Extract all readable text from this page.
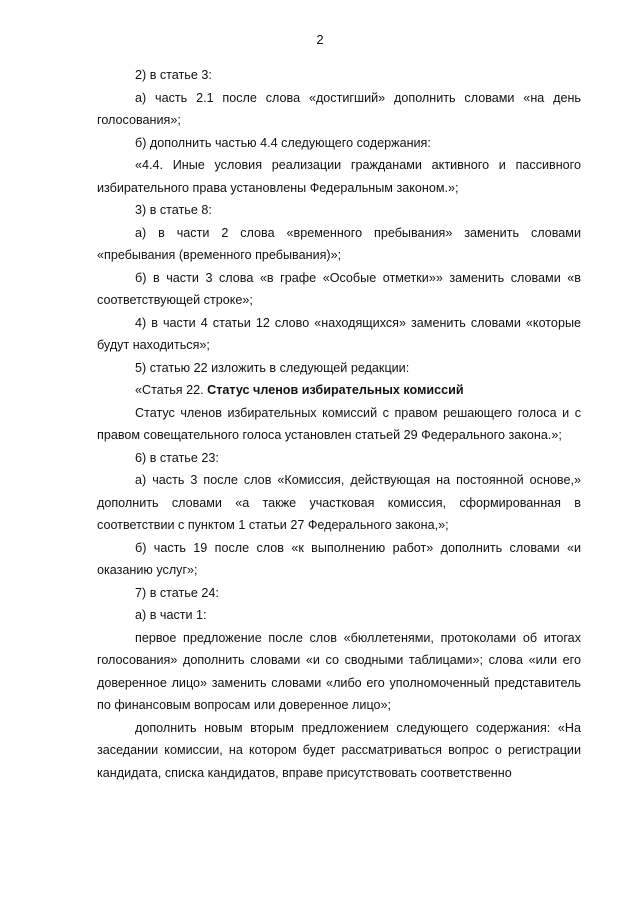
2

2) в статье 3:

а) часть 2.1 после слова «достигший» дополнить словами «на день голосования»;

б) дополнить частью 4.4 следующего содержания:

«4.4. Иные условия реализации гражданами активного и пассивного избирательного права установлены Федеральным законом.»;

3) в статье 8:

а) в части 2 слова «временного пребывания» заменить словами «пребывания (временного пребывания)»;

б) в части 3 слова «в графе «Особые отметки»» заменить словами «в соответствующей строке»;

4) в части 4 статьи 12 слово «находящихся» заменить словами «которые будут находиться»;

5) статью 22 изложить в следующей редакции:

«Статья 22. Статус членов избирательных комиссий

Статус членов избирательных комиссий с правом решающего голоса и с правом совещательного голоса установлен статьей 29 Федерального закона.»;

6) в статье 23:

а) часть 3 после слов «Комиссия, действующая на постоянной основе,» дополнить словами «а также участковая комиссия, сформированная в соответствии с пунктом 1 статьи 27 Федерального закона,»;

б) часть 19 после слов «к выполнению работ» дополнить словами «и оказанию услуг»;

7) в статье 24:

а) в части 1:

первое предложение после слов «бюллетенями, протоколами об итогах голосования» дополнить словами «и со сводными таблицами»; слова «или его доверенное лицо» заменить словами «либо его уполномоченный представитель по финансовым вопросам или доверенное лицо»;

дополнить новым вторым предложением следующего содержания: «На заседании комиссии, на котором будет рассматриваться вопрос о регистрации кандидата, списка кандидатов, вправе присутствовать соответственно
